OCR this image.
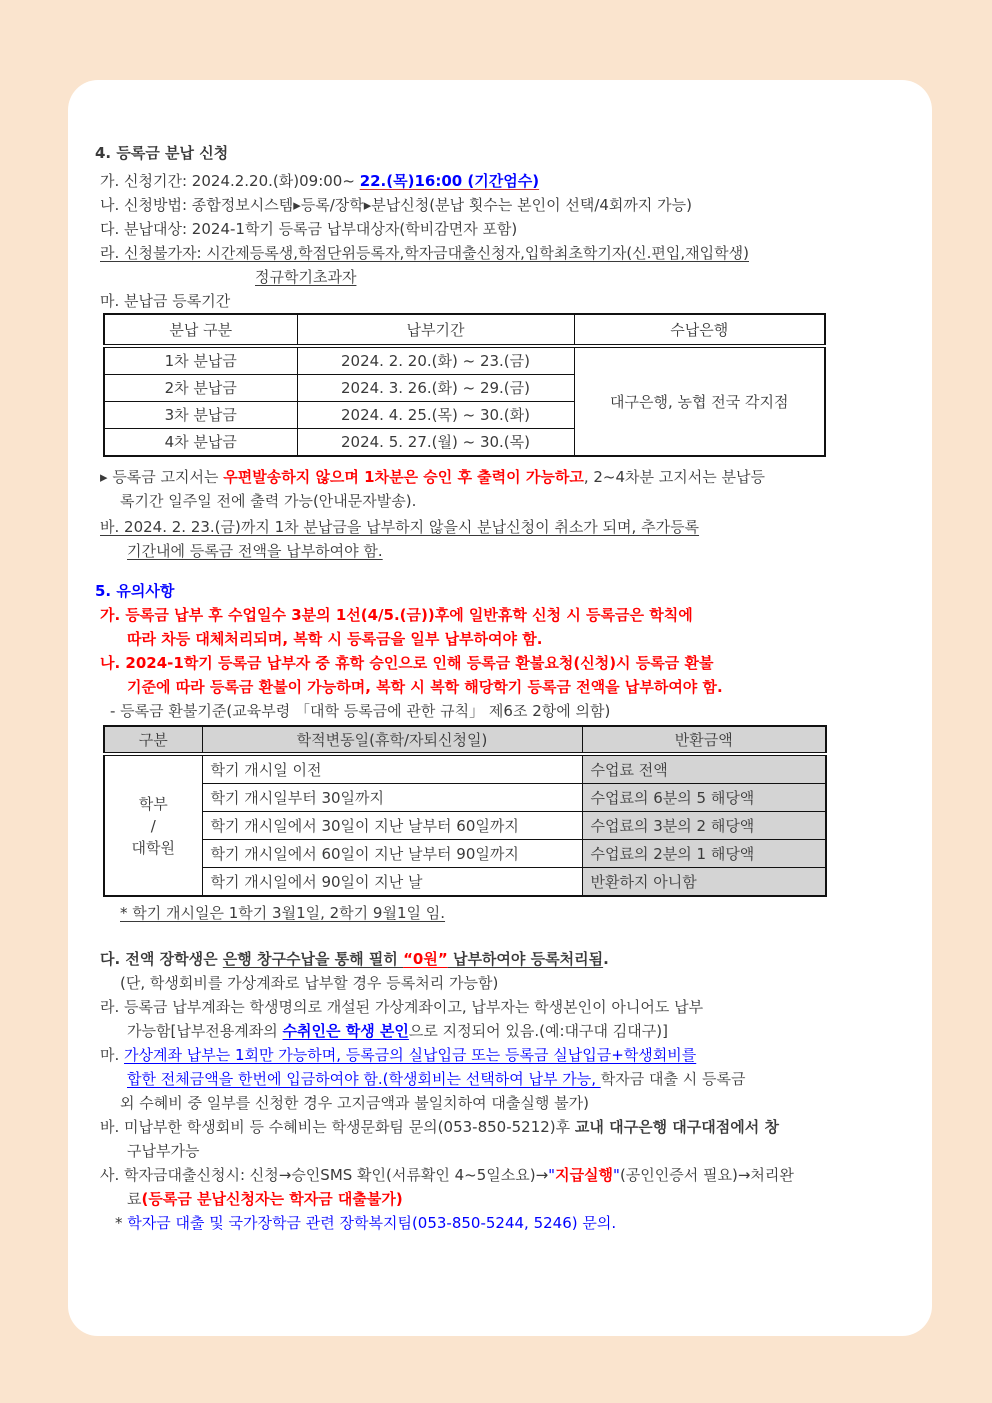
4. 등록금 분납 신청
가. 신청기간: 2024.2.20.(화)09:00~ 22.(목)16:00 (기간엄수)
나. 신청방법: 종합정보시스템▸등록/장학▸분납신청(분납 횟수는 본인이 선택/4회까지 가능)
다. 분납대상: 2024-1학기 등록금 납부대상자(학비감면자 포함)
라. 신청불가자: 시간제등록생,학점단위등록자,학자금대출신청자,입학최초학기자(신.편입,재입학생)
정규학기초과자
마. 분납금 등록기간
분납 구분	납부기간	수납은행
1차 분납금	2024. 2. 20.(화) ~ 23.(금)	대구은행, 농협 전국 각지점
2차 분납금	2024. 3. 26.(화) ~ 29.(금)	
3차 분납금	2024. 4. 25.(목) ~ 30.(화)	
4차 분납금	2024. 5. 27.(월) ~ 30.(목)	
▸ 등록금 고지서는 우편발송하지 않으며 1차분은 승인 후 출력이 가능하고, 2~4차분 고지서는 분납등
록기간 일주일 전에 출력 가능(안내문자발송).
바. 2024. 2. 23.(금)까지 1차 분납금을 납부하지 않을시 분납신청이 취소가 되며, 추가등록
기간내에 등록금 전액을 납부하여야 함.
5. 유의사항
가. 등록금 납부 후 수업일수 3분의 1선(4/5.(금))후에 일반휴학 신청 시 등록금은 학칙에
따라 차등 대체처리되며, 복학 시 등록금을 일부 납부하여야 함.
나. 2024-1학기 등록금 납부자 중 휴학 승인으로 인해 등록금 환불요청(신청)시 등록금 환불
기준에 따라 등록금 환불이 가능하며, 복학 시 복학 해당학기 등록금 전액을 납부하여야 함.
- 등록금 환불기준(교육부령 「대학 등록금에 관한 규칙」 제6조 2항에 의함)
구분	학적변동일(휴학/자퇴신청일)	반환금액

학부
/
대학원	학기 개시일 이전	수업료 전액
	학기 개시일부터 30일까지	수업료의 6분의 5 해당액
	학기 개시일에서 30일이 지난 날부터 60일까지	수업료의 3분의 2 해당액
	학기 개시일에서 60일이 지난 날부터 90일까지	수업료의 2분의 1 해당액
	학기 개시일에서 90일이 지난 날	반환하지 아니함
* 학기 개시일은 1학기 3월1일, 2학기 9월1일 임.
다. 전액 장학생은 은행 창구수납을 통해 필히 “0원” 납부하여야 등록처리됨.
(단, 학생회비를 가상계좌로 납부할 경우 등록처리 가능함)
라. 등록금 납부계좌는 학생명의로 개설된 가상계좌이고, 납부자는 학생본인이 아니어도 납부
가능함[납부전용계좌의 수취인은 학생 본인으로 지정되어 있음.(예:대구대 김대구)]
마. 가상계좌 납부는 1회만 가능하며, 등록금의 실납입금 또는 등록금 실납입금+학생회비를
합한 전체금액을 한번에 입금하여야 함.(학생회비는 선택하여 납부 가능, 학자금 대출 시 등록금
외 수혜비 중 일부를 신청한 경우 고지금액과 불일치하여 대출실행 불가)
바. 미납부한 학생회비 등 수혜비는 학생문화팀 문의(053-850-5212)후 교내 대구은행 대구대점에서 창
구납부가능
사. 학자금대출신청시: 신청→승인SMS 확인(서류확인 4~5일소요)→"지급실행"(공인인증서 필요)→처리완
료(등록금 분납신청자는 학자금 대출불가)
* 학자금 대출 및 국가장학금 관련 장학복지팀(053-850-5244, 5246) 문의.
